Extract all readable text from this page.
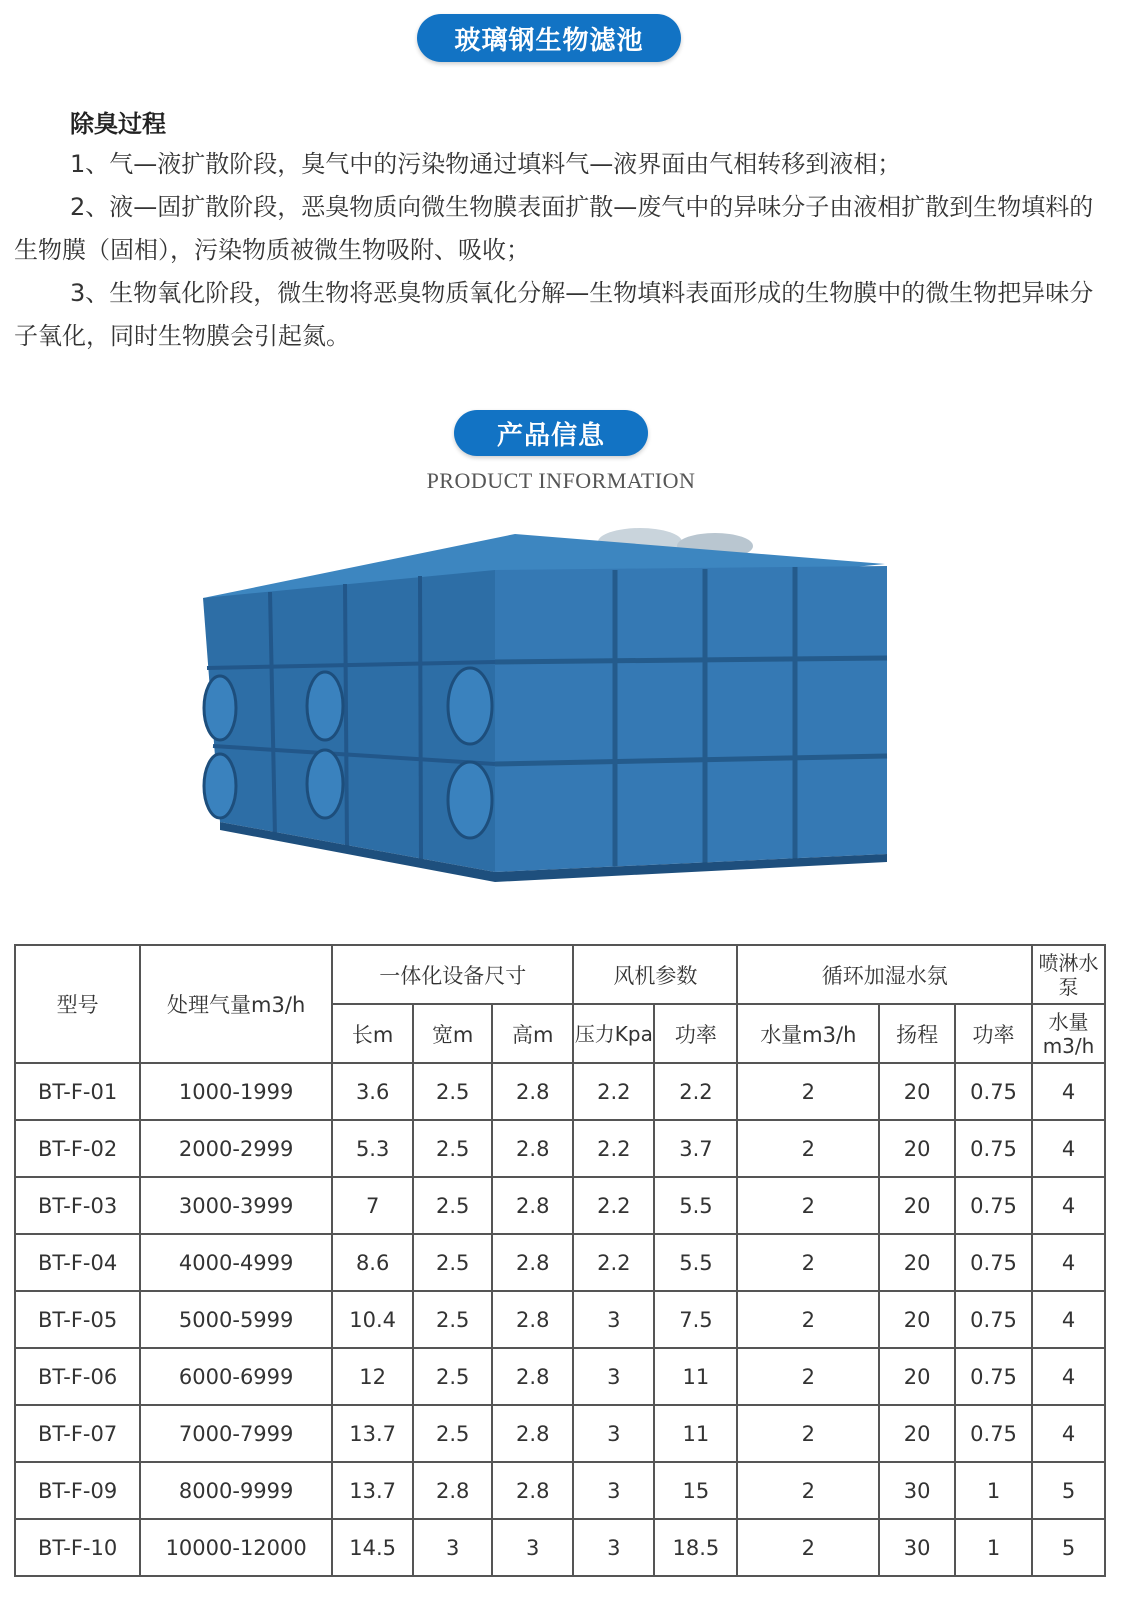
玻璃钢生物滤池
除臭过程

1、气—液扩散阶段，臭气中的污染物通过填料气—液界面由气相转移到液相；

2、液—固扩散阶段，恶臭物质向微生物膜表面扩散—废气中的异味分子由液相扩散到生物填料的生物膜（固相），污染物质被微生物吸附、吸收；

3、生物氧化阶段，微生物将恶臭物质氧化分解—生物填料表面形成的生物膜中的微生物把异味分子氧化，同时生物膜会引起氮。

产品信息
PRODUCT INFORMATION
型号	处理气量m3/h	一体化设备尺寸			风机参数		循环加湿水氛			喷淋水泵
		长m	宽m	高m	压力Kpa	功率	水量m3/h	扬程	功率	水量m3/h
BT-F-01	1000-1999	3.6	2.5	2.8	2.2	2.2	2	20	0.75	4
BT-F-02	2000-2999	5.3	2.5	2.8	2.2	3.7	2	20	0.75	4
BT-F-03	3000-3999	7	2.5	2.8	2.2	5.5	2	20	0.75	4
BT-F-04	4000-4999	8.6	2.5	2.8	2.2	5.5	2	20	0.75	4
BT-F-05	5000-5999	10.4	2.5	2.8	3	7.5	2	20	0.75	4
BT-F-06	6000-6999	12	2.5	2.8	3	11	2	20	0.75	4
BT-F-07	7000-7999	13.7	2.5	2.8	3	11	2	20	0.75	4
BT-F-09	8000-9999	13.7	2.8	2.8	3	15	2	30	1	5
BT-F-10	10000-12000	14.5	3	3	3	18.5	2	30	1	5
